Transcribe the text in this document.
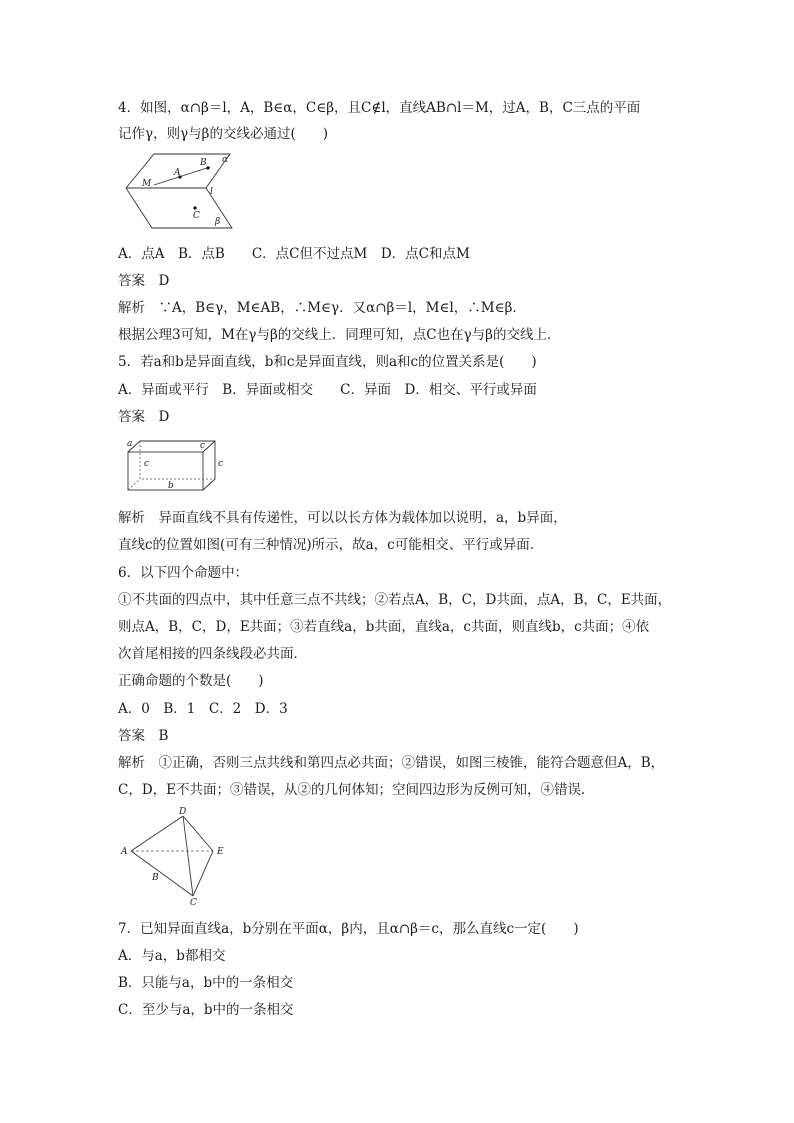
4．如图，α∩β＝l，A，B∈α，C∈β，且C∉l，直线AB∩l＝M，过A，B，C三点的平面
记作γ，则γ与β的交线必通过(　　)
α
M
A
B
l
C
β
A．点A　B．点B　　C．点C但不过点M　D．点C和点M
答案　D
解析　∵A，B∈γ，M∈AB，∴M∈γ．又α∩β＝l，M∈l，∴M∈β．
根据公理3可知，M在γ与β的交线上．同理可知，点C也在γ与β的交线上．
5．若a和b是异面直线，b和c是异面直线，则a和c的位置关系是(　　)
A．异面或平行　B．异面或相交　　C．异面　D．相交、平行或异面
答案　D
a	c
c	c
b
解析　异面直线不具有传递性，可以以长方体为载体加以说明，a，b异面，
直线c的位置如图(可有三种情况)所示，故a，c可能相交、平行或异面．
6．以下四个命题中：
①不共面的四点中，其中任意三点不共线；②若点A，B，C，D共面，点A，B，C，E共面，
则点A，B，C，D，E共面；③若直线a，b共面，直线a，c共面，则直线b，c共面；④依
次首尾相接的四条线段必共面．
正确命题的个数是(　　)
A．0　B．1　C．2　D．3
答案　B
解析　①正确，否则三点共线和第四点必共面；②错误，如图三棱锥，能符合题意但A，B，
C，D，E不共面；③错误，从②的几何体知；空间四边形为反例可知，④错误．
D
A	E
B
C
7．已知异面直线a，b分别在平面α，β内，且α∩β＝c，那么直线c一定(　　)
A．与a，b都相交
B．只能与a，b中的一条相交
C．至少与a，b中的一条相交
